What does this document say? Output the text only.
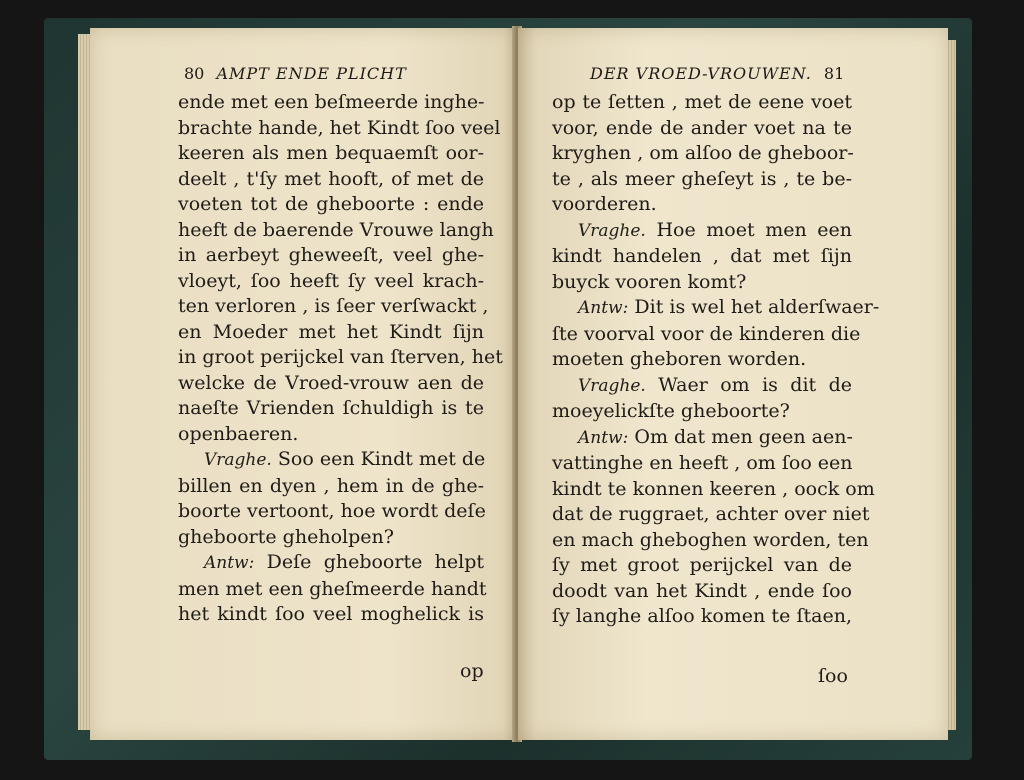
80 AMPT ENDE PLICHT
ende met een beſmeerde inghe-
brachte hande, het Kindt ſoo veel
keeren als men bequaemſt oor-
deelt , t'ſy met hooft, of met de
voeten tot de gheboorte : ende
heeft de baerende Vrouwe langh
in aerbeyt gheweeſt, veel ghe-
vloeyt, ſoo heeft ſy veel krach-
ten verloren , is ſeer verſwackt ,
en Moeder met het Kindt ſijn
in groot perijckel van ſterven, het
welcke de Vroed-vrouw aen de
naeſte Vrienden ſchuldigh is te
openbaeren.
Vraghe. Soo een Kindt met de
billen en dyen , hem in de ghe-
boorte vertoont, hoe wordt deſe
gheboorte gheholpen?
Antw: Deſe gheboorte helpt
men met een gheſmeerde handt
het kindt ſoo veel moghelick is
op
DER VROED-VROUWEN. 81
op te ſetten , met de eene voet
voor, ende de ander voet na te
kryghen , om alſoo de gheboor-
te , als meer gheſeyt is , te be-
voorderen.
Vraghe. Hoe moet men een
kindt handelen , dat met ſijn
buyck vooren komt?
Antw: Dit is wel het alderſwaer-
ſte voorval voor de kinderen die
moeten gheboren worden.
Vraghe. Waer om is dit de
moeyelickſte gheboorte?
Antw: Om dat men geen aen-
vattinghe en heeft , om ſoo een
kindt te konnen keeren , oock om
dat de ruggraet, achter over niet
en mach gheboghen worden, ten
ſy met groot perijckel van de
doodt van het Kindt , ende ſoo
ſy langhe alſoo komen te ſtaen,
ſoo
